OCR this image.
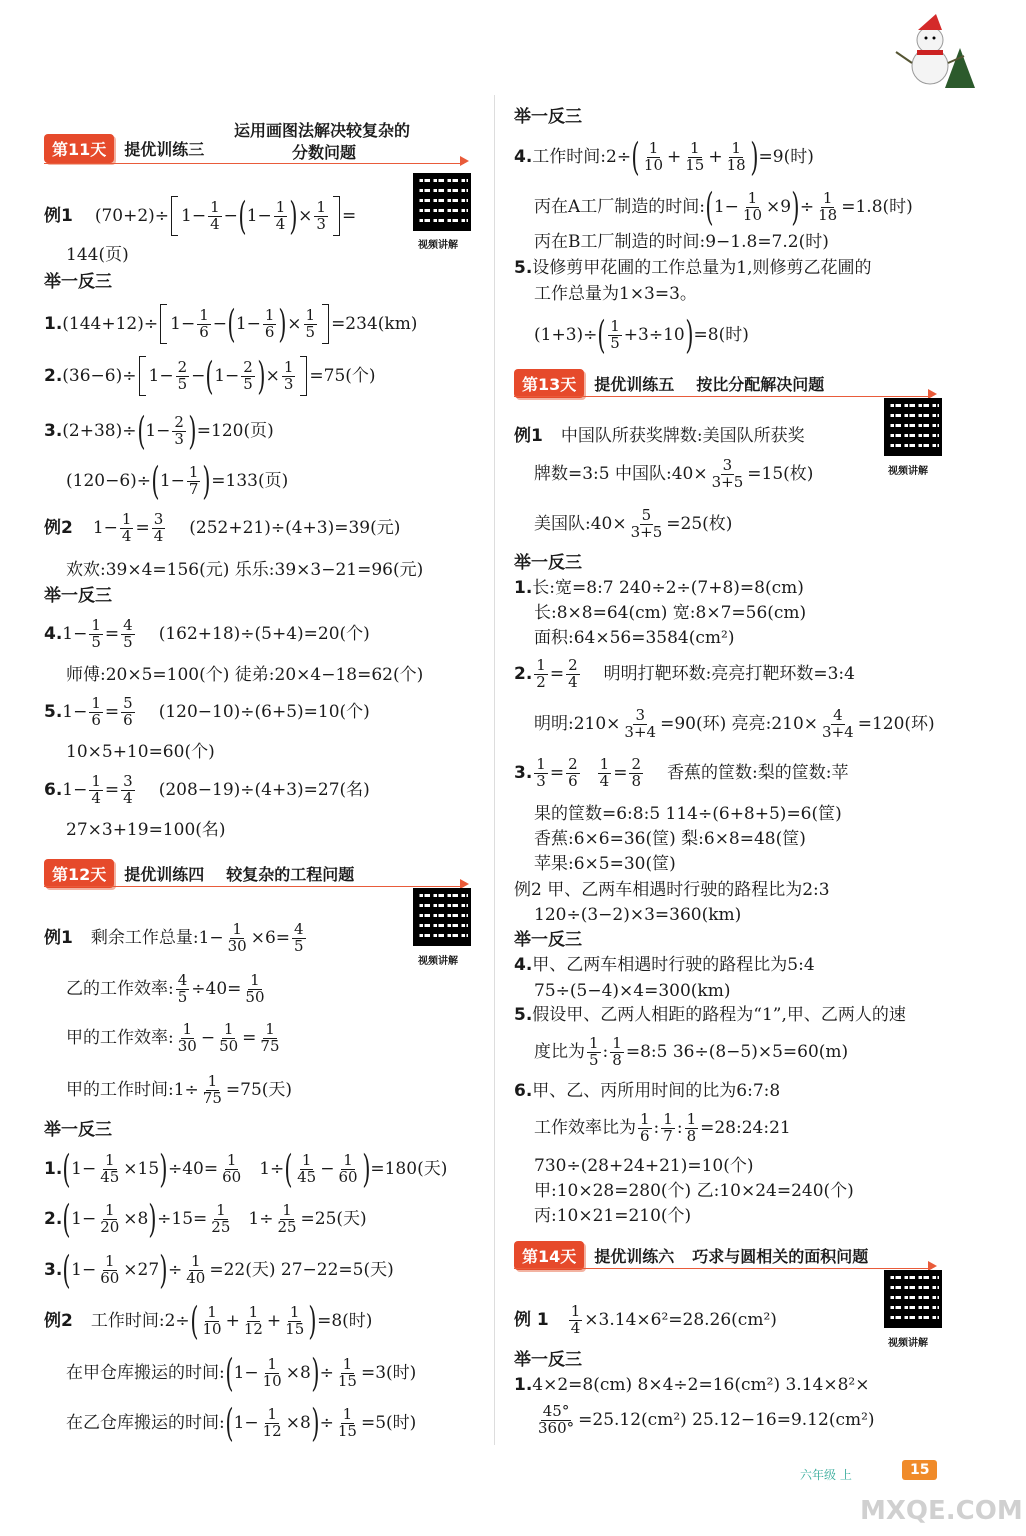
第11天	提优训练三
运用画图法解决较复杂的
分数问题
视频讲解
例1 (70+2)÷ 1− 1
4 − ( 1− 1
4 ) × 1
3 =
144(页)
举一反三
1. (144+12)÷ 1− 1
6 − ( 1− 1
6 ) × 1
5 =234(km)
2. (36−6)÷ 1− 2
5 − ( 1− 2
5 ) × 1
3 =75(个)
3. (2+38)÷ ( 1− 2
3 ) =120(页)
(120−6)÷ ( 1− 1
7 ) =133(页)
例2 $1- \frac{1}{4} = 3$
4 (252+21)÷(4+3)=39(元)
欢欢:39×4=156(元) 乐乐:39×3−21=96(元)
举一反三
4. 1− 1
5 = 4
5 (162+18)÷(5+4)=20(个)
师傅:20×5=100(个) 徒弟:20×4−18=62(个)
5. 1− 1
6 = 5
6 (120−10)÷(6+5)=10(个)
10×5+10=60(个)
6. 1− 1
4 = 3
4 (208−19)÷(4+3)=27(名)
27×3+19=100(名)
第12天	提优训练四 较复杂的工程问题
视频讲解
例1 剩余工作总量: 1− 1
30 ×6= 4
5
乙的工作效率: 4
5 ÷40= 1
50
甲的工作效率: 1
30 − 1
50 = 1
75
甲的工作时间: $1\div \frac{1}{75} =75$(天)
举一反三
1. ( 1− 1
45 ×15 ) ÷40= 1
60 1÷ ( 1
45 − 1
60 ) =180(天)
2. ( 1− 1
20 ×8 ) ÷15= 1
25 $1\div \frac{1}{25} =25$(天)
3. ( 1− 1
60 ×27 ) ÷ $\frac{1}{40} =22$(天) 27−22=5(天)
例2 工作时间: 2÷ ( 1
10 + 1
12 + 1
15 ) =8(时)
在甲仓库搬运的时间: ( 1− 1
10 ×8 ) ÷ $\frac{1}{15} =3$(时)
在乙仓库搬运的时间: ( 1− 1
12 ×8 ) ÷ $\frac{1}{15} =5$(时)
举一反三
4. 工作时间: 2÷ ( 1
10 + 1
15 + 1
18 ) =9(时)
丙在A工厂制造的时间: ( 1− 1
10 ×9 ) ÷ $\frac{1}{18} =1.8$(时)
丙在B工厂制造的时间:9−1.8=7.2(时)
5. 设修剪甲花圃的工作总量为1,则修剪乙花圃的
工作总量为1×3=3。
(1+3)÷ ( 1
5 +3÷10 ) =8(时)
第13天	提优训练五 按比分配解决问题
视频讲解
例1 中国队所获奖牌数:美国队所获奖
牌数=3:5 中国队:40× $\frac{3}{3+5} =15$(枚)
美国队:40× $\frac{5}{3+5} =25$(枚)
举一反三
1. 长:宽=8:7 240÷2÷(7+8)=8(cm)
长:8×8=64(cm) 宽:8×7=56(cm)
面积:64×56=3584(cm²)
2. 1
2 = 2
4 明明打靶环数:亮亮打靶环数=3:4
明明:210× $\frac{3}{3+4} =90$(环) 亮亮:210× $\frac{4}{3+4} =120$(环)
3. 1
3 = 2
6
1
4 = 2
8 香蕉的筐数:梨的筐数:苹
果的筐数=6:8:5 114÷(6+8+5)=6(筐)
香蕉:6×6=36(筐) 梨:6×8=48(筐)
苹果:6×5=30(筐)
例2 甲、乙两车相遇时行驶的路程比为2:3
120÷(3−2)×3=360(km)
举一反三
4. 甲、乙两车相遇时行驶的路程比为5:4
75÷(5−4)×4=300(km)
5. 假设甲、乙两人相距的路程为“1”,甲、乙两人的速
度比为 1
5 : $\frac{1}{8}$ =8:5 36÷(8−5)×5=60(m)
6. 甲、乙、丙所用时间的比为6:7:8
工作效率比为 1
6 : 1
7 : $\frac{1}{8}$ =28:24:21
730÷(28+24+21)=10(个)
甲:10×28=280(个) 乙:10×24=240(个)
丙:10×21=210(个)
第14天	提优训练六 巧求与圆相关的面积问题
视频讲解
例 $1 \frac{1}{4} \times 3.14\times 6^2=28.26(cm^2)$
举一反三
1. 4×2=8(cm) 8×4÷2=16(cm²) 3.14×8²×
$\frac{45^\circ}{360^\circ} =25.12(cm^2)$ 25.12−16=9.12(cm²)
六年级 上	15
MXQE.COM
